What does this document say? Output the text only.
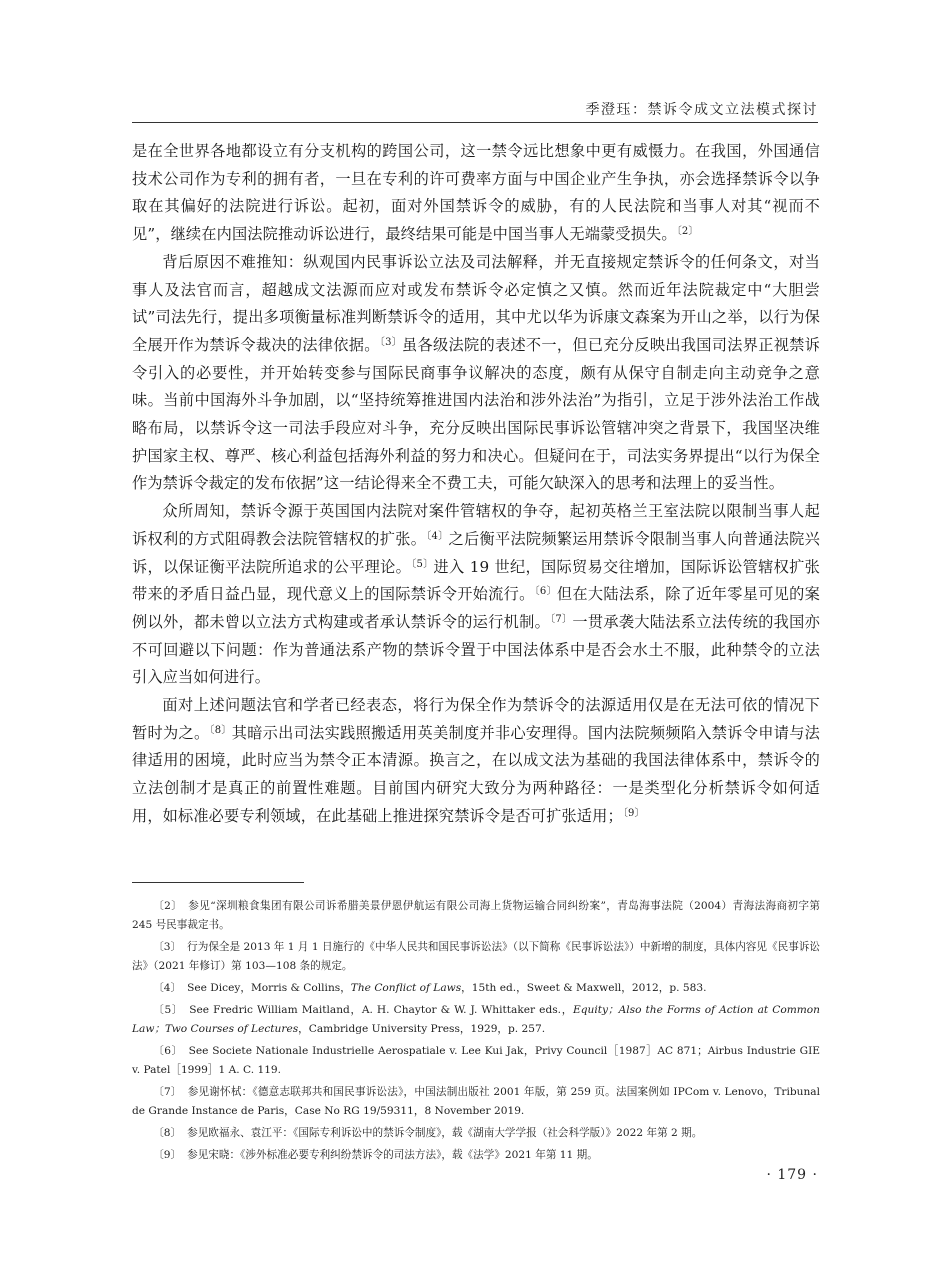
季澄珏：禁诉令成文立法模式探讨

是在全世界各地都设立有分支机构的跨国公司，这一禁令远比想象中更有威慑力。在我国，外国通信技术公司作为专利的拥有者，一旦在专利的许可费率方面与中国企业产生争执，亦会选择禁诉令以争取在其偏好的法院进行诉讼。起初，面对外国禁诉令的威胁，有的人民法院和当事人对其“视而不见”，继续在内国法院推动诉讼进行，最终结果可能是中国当事人无端蒙受损失。$^{〔2〕}$

背后原因不难推知：纵观国内民事诉讼立法及司法解释，并无直接规定禁诉令的任何条文，对当事人及法官而言，超越成文法源而应对或发布禁诉令必定慎之又慎。然而近年法院裁定中“大胆尝试”司法先行，提出多项衡量标准判断禁诉令的适用，其中尤以华为诉康文森案为开山之举，以行为保全展开作为禁诉令裁决的法律依据。$^{〔3〕}$虽各级法院的表述不一，但已充分反映出我国司法界正视禁诉令引入的必要性，并开始转变参与国际民商事争议解决的态度，颇有从保守自制走向主动竞争之意味。当前中国海外斗争加剧，以“坚持统筹推进国内法治和涉外法治”为指引，立足于涉外法治工作战略布局，以禁诉令这一司法手段应对斗争，充分反映出国际民事诉讼管辖冲突之背景下，我国坚决维护国家主权、尊严、核心利益包括海外利益的努力和决心。但疑问在于，司法实务界提出“以行为保全作为禁诉令裁定的发布依据”这一结论得来全不费工夫，可能欠缺深入的思考和法理上的妥当性。

众所周知，禁诉令源于英国国内法院对案件管辖权的争夺，起初英格兰王室法院以限制当事人起诉权利的方式阻碍教会法院管辖权的扩张。$^{〔4〕}$之后衡平法院频繁运用禁诉令限制当事人向普通法院兴诉，以保证衡平法院所追求的公平理论。$^{〔5〕}$进入 19 世纪，国际贸易交往增加，国际诉讼管辖权扩张带来的矛盾日益凸显，现代意义上的国际禁诉令开始流行。$^{〔6〕}$但在大陆法系，除了近年零星可见的案例以外，都未曾以立法方式构建或者承认禁诉令的运行机制。$^{〔7〕}$一贯承袭大陆法系立法传统的我国亦不可回避以下问题：作为普通法系产物的禁诉令置于中国法体系中是否会水土不服，此种禁令的立法引入应当如何进行。

面对上述问题法官和学者已经表态，将行为保全作为禁诉令的法源适用仅是在无法可依的情况下暂时为之。$^{〔8〕}$其暗示出司法实践照搬适用英美制度并非心安理得。国内法院频频陷入禁诉令申请与法律适用的困境，此时应当为禁令正本清源。换言之，在以成文法为基础的我国法律体系中，禁诉令的立法创制才是真正的前置性难题。目前国内研究大致分为两种路径：一是类型化分析禁诉令如何适用，如标准必要专利领域，在此基础上推进探究禁诉令是否可扩张适用；$^{〔9〕}$

〔2〕 参见“深圳粮食集团有限公司诉希腊美景伊恩伊航运有限公司海上货物运输合同纠纷案”，青岛海事法院（2004）青海法海商初字第 245 号民事裁定书。

〔3〕 行为保全是 2013 年 1 月 1 日施行的《中华人民共和国民事诉讼法》（以下简称《民事诉讼法》）中新增的制度，具体内容见《民事诉讼法》（2021 年修订）第 103—108 条的规定。

〔4〕 See Dicey，Morris & Collins，The Conflict of Laws，15th ed.，Sweet & Maxwell，2012，p. 583.

〔5〕 See Fredric William Maitland，A. H. Chaytor & W. J. Whittaker eds.，Equity；Also the Forms of Action at Common Law；Two Courses of Lectures，Cambridge University Press，1929，p. 257.

〔6〕 See Societe Nationale Industrielle Aerospatiale v. Lee Kui Jak，Privy Council［1987］AC 871；Airbus Industrie GIE v. Patel［1999］1 A. C. 119.

〔7〕 参见谢怀栻：《德意志联邦共和国民事诉讼法》，中国法制出版社 2001 年版，第 259 页。法国案例如 IPCom v. Lenovo，Tribunal de Grande Instance de Paris，Case No RG 19/59311，8 November 2019.

〔8〕 参见欧福永、袁江平：《国际专利诉讼中的禁诉令制度》，载《湖南大学学报（社会科学版）》2022 年第 2 期。

〔9〕 参见宋晓：《涉外标准必要专利纠纷禁诉令的司法方法》，载《法学》2021 年第 11 期。

· 179 ·
